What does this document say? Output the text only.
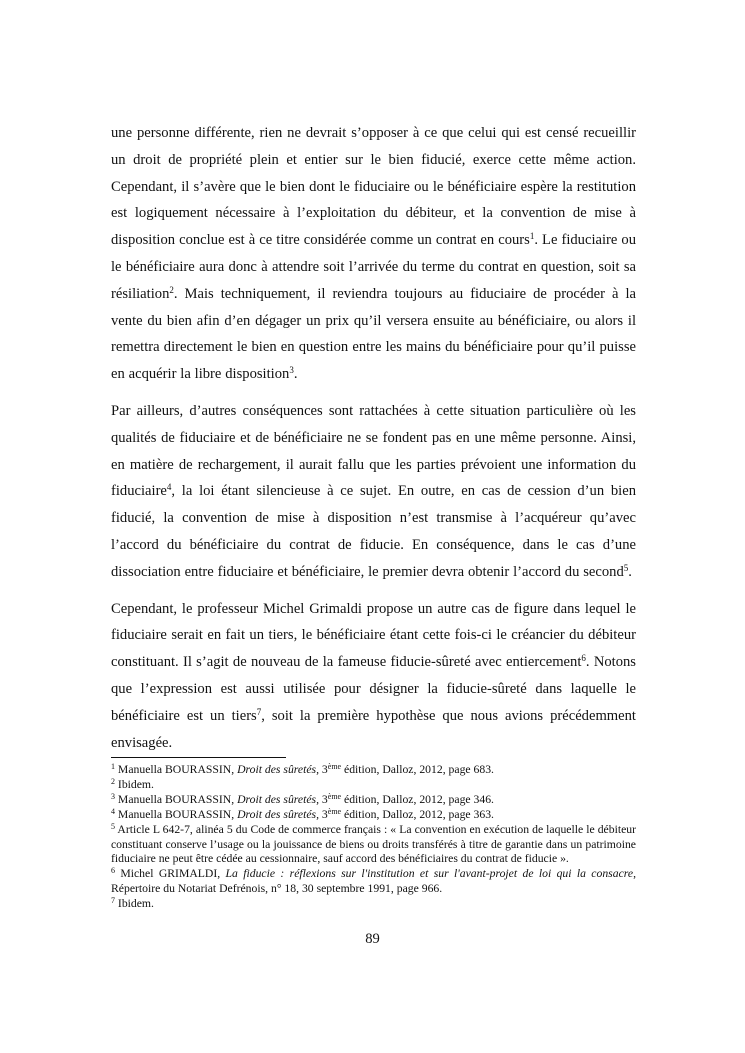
une personne différente, rien ne devrait s’opposer à ce que celui qui est censé recueillir un droit de propriété plein et entier sur le bien fiducié, exerce cette même action. Cependant, il s’avère que le bien dont le fiduciaire ou le bénéficiaire espère la restitution est logiquement nécessaire à l’exploitation du débiteur, et la convention de mise à disposition conclue est à ce titre considérée comme un contrat en cours$^1$. Le fiduciaire ou le bénéficiaire aura donc à attendre soit l’arrivée du terme du contrat en question, soit sa résiliation$^2$. Mais techniquement, il reviendra toujours au fiduciaire de procéder à la vente du bien afin d’en dégager un prix qu’il versera ensuite au bénéficiaire, ou alors il remettra directement le bien en question entre les mains du bénéficiaire pour qu’il puisse en acquérir la libre disposition$^3$.

Par ailleurs, d’autres conséquences sont rattachées à cette situation particulière où les qualités de fiduciaire et de bénéficiaire ne se fondent pas en une même personne. Ainsi, en matière de rechargement, il aurait fallu que les parties prévoient une information du fiduciaire$^4$, la loi étant silencieuse à ce sujet. En outre, en cas de cession d’un bien fiducié, la convention de mise à disposition n’est transmise à l’acquéreur qu’avec l’accord du bénéficiaire du contrat de fiducie. En conséquence, dans le cas d’une dissociation entre fiduciaire et bénéficiaire, le premier devra obtenir l’accord du second$^5$.

Cependant, le professeur Michel Grimaldi propose un autre cas de figure dans lequel le fiduciaire serait en fait un tiers, le bénéficiaire étant cette fois-ci le créancier du débiteur constituant. Il s’agit de nouveau de la fameuse fiducie-sûreté avec entiercement$^6$. Notons que l’expression est aussi utilisée pour désigner la fiducie-sûreté dans laquelle le bénéficiaire est un tiers$^7$, soit la première hypothèse que nous avions précédemment envisagée.

$^1$ Manuella BOURASSIN, Droit des sûretés, 3ème édition, Dalloz, 2012, page 683.

$^2$ Ibidem.

$^3$ Manuella BOURASSIN, Droit des sûretés, 3ème édition, Dalloz, 2012, page 346.

$^4$ Manuella BOURASSIN, Droit des sûretés, 3ème édition, Dalloz, 2012, page 363.

$^5$ Article L 642-7, alinéa 5 du Code de commerce français : « La convention en exécution de laquelle le débiteur constituant conserve l’usage ou la jouissance de biens ou droits transférés à titre de garantie dans un patrimoine fiduciaire ne peut être cédée au cessionnaire, sauf accord des bénéficiaires du contrat de fiducie ».

$^6$ Michel GRIMALDI, La fiducie : réflexions sur l'institution et sur l'avant-projet de loi qui la consacre, Répertoire du Notariat Defrénois, n° 18, 30 septembre 1991, page 966.

$^7$ Ibidem.

89
